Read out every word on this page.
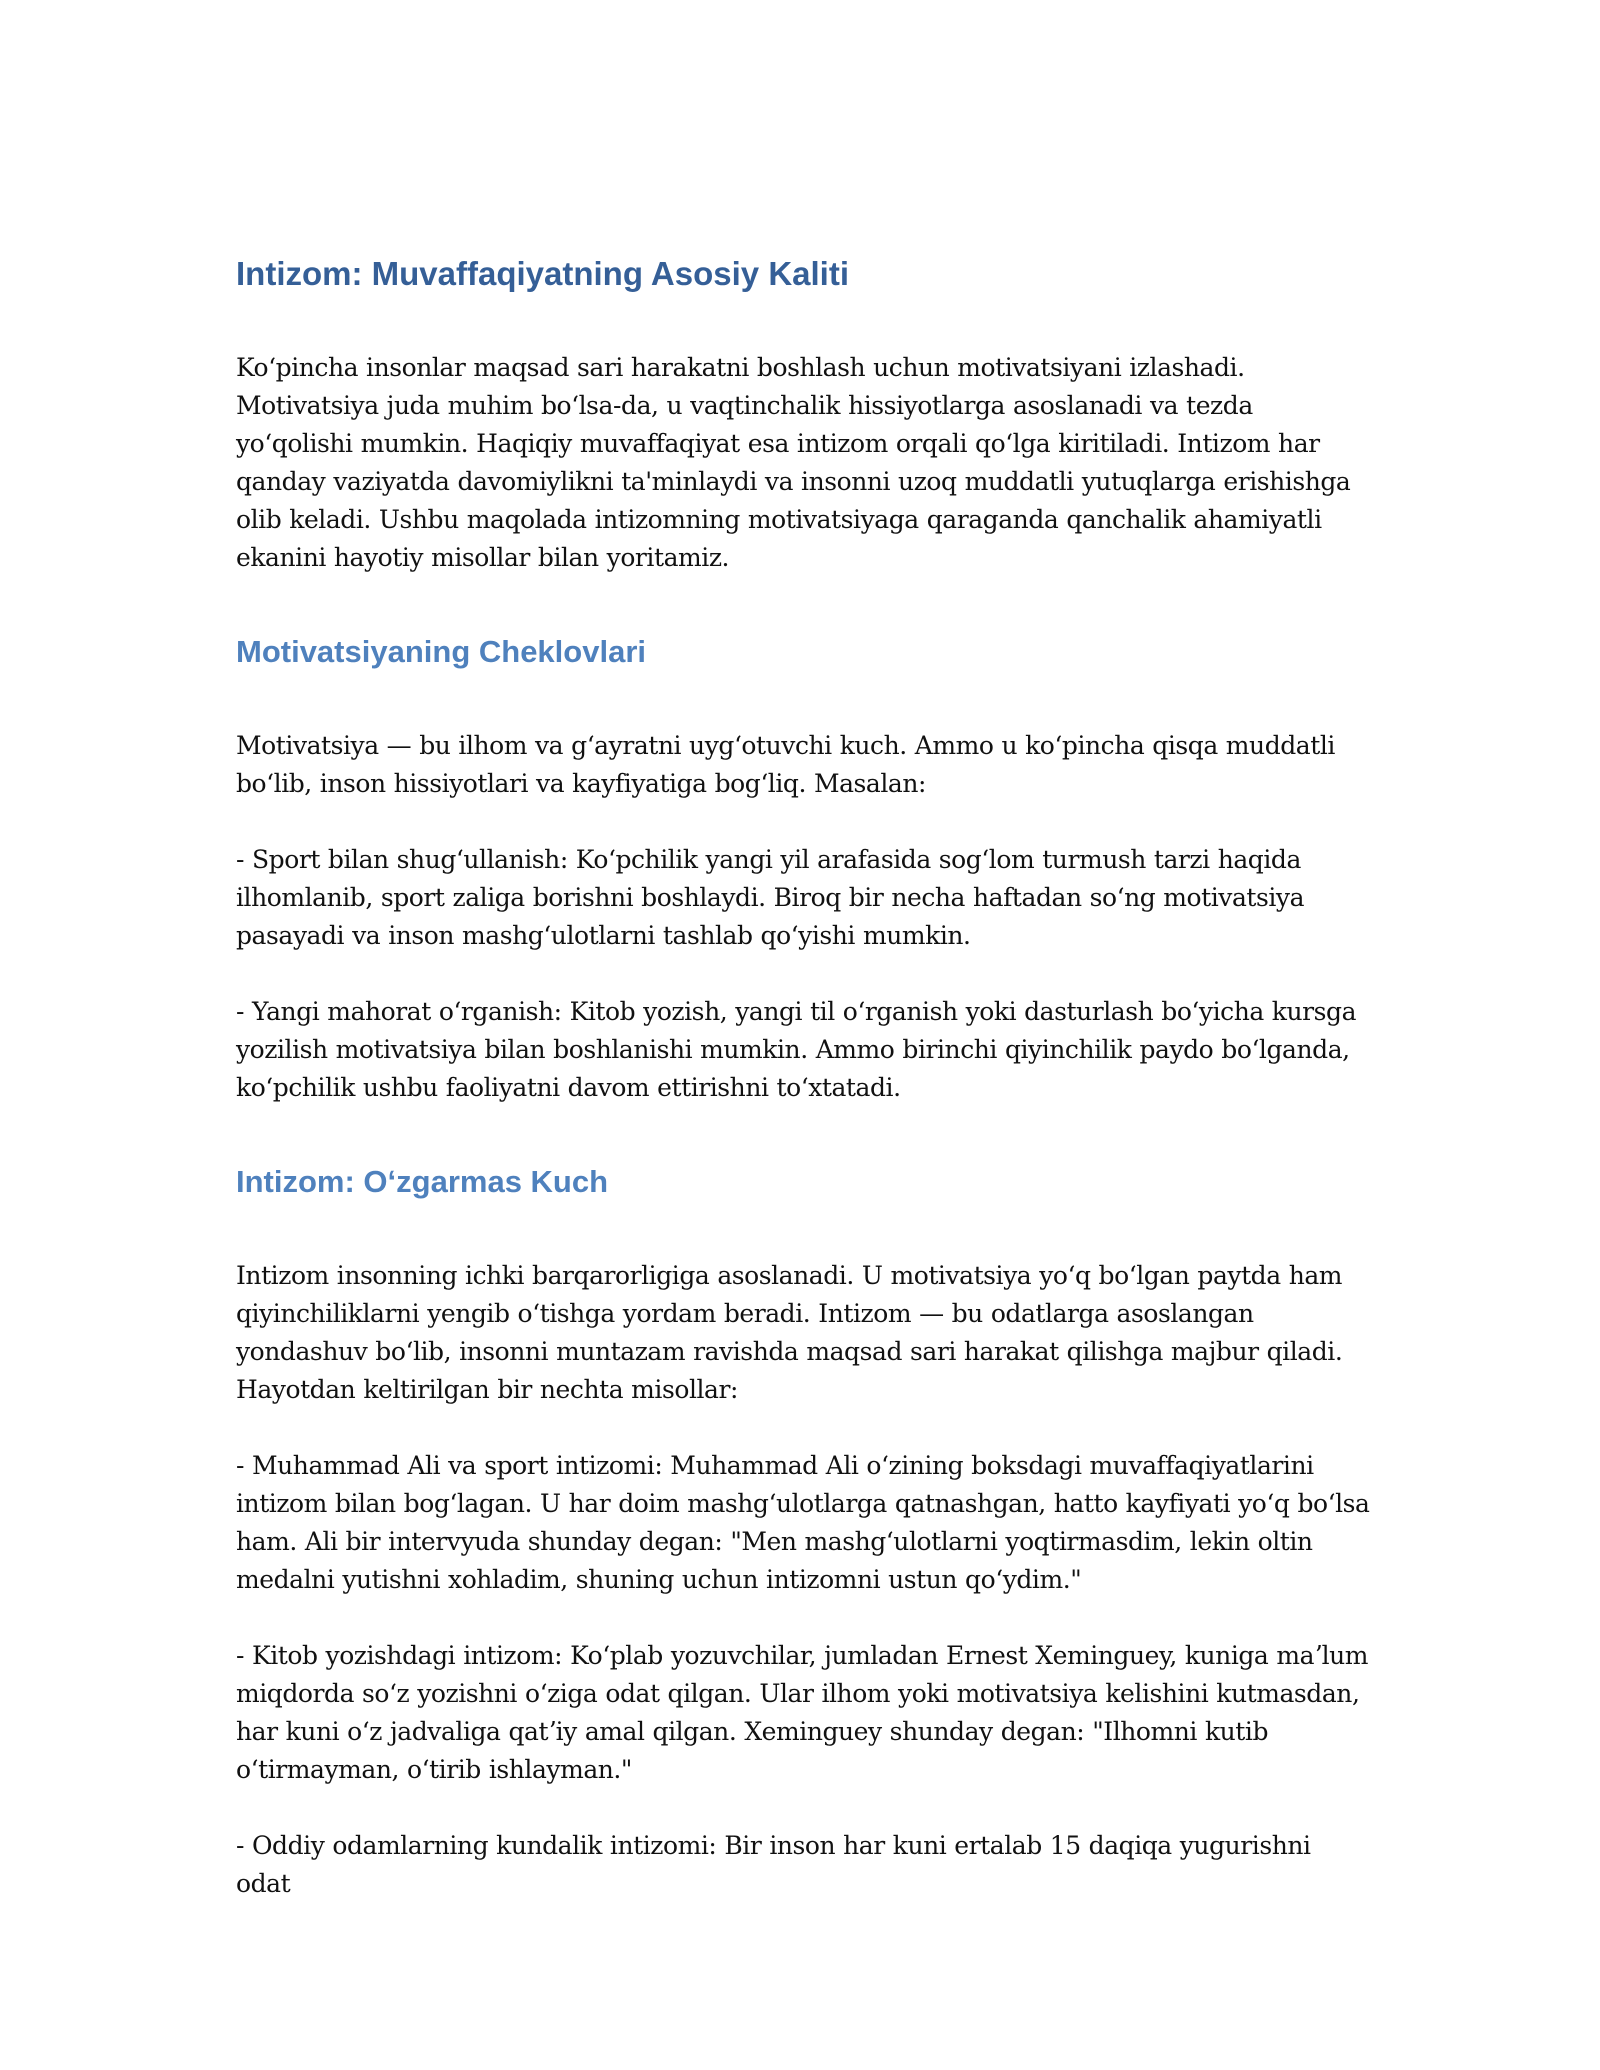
Intizom: Muvaffaqiyatning Asosiy Kaliti

Koʻpincha insonlar maqsad sari harakatni boshlash uchun motivatsiyani izlashadi. Motivatsiya juda muhim boʻlsa-da, u vaqtinchalik hissiyotlarga asoslanadi va tezda yoʻqolishi mumkin. Haqiqiy muvaffaqiyat esa intizom orqali qoʻlga kiritiladi. Intizom har qanday vaziyatda davomiylikni ta'minlaydi va insonni uzoq muddatli yutuqlarga erishishga olib keladi. Ushbu maqolada intizomning motivatsiyaga qaraganda qanchalik ahamiyatli ekanini hayotiy misollar bilan yoritamiz.

Motivatsiyaning Cheklovlari

Motivatsiya — bu ilhom va gʻayratni uygʻotuvchi kuch. Ammo u koʻpincha qisqa muddatli boʻlib, inson hissiyotlari va kayfiyatiga bogʻliq. Masalan:

- Sport bilan shugʻullanish: Koʻpchilik yangi yil arafasida sogʻlom turmush tarzi haqida ilhomlanib, sport zaliga borishni boshlaydi. Biroq bir necha haftadan soʻng motivatsiya pasayadi va inson mashgʻulotlarni tashlab qoʻyishi mumkin.

- Yangi mahorat oʻrganish: Kitob yozish, yangi til oʻrganish yoki dasturlash boʻyicha kursga yozilish motivatsiya bilan boshlanishi mumkin. Ammo birinchi qiyinchilik paydo boʻlganda, koʻpchilik ushbu faoliyatni davom ettirishni toʻxtatadi.

Intizom: Oʻzgarmas Kuch

Intizom insonning ichki barqarorligiga asoslanadi. U motivatsiya yoʻq boʻlgan paytda ham qiyinchiliklarni yengib oʻtishga yordam beradi. Intizom — bu odatlarga asoslangan yondashuv boʻlib, insonni muntazam ravishda maqsad sari harakat qilishga majbur qiladi. Hayotdan keltirilgan bir nechta misollar:

- Muhammad Ali va sport intizomi: Muhammad Ali oʻzining boksdagi muvaffaqiyatlarini intizom bilan bogʻlagan. U har doim mashgʻulotlarga qatnashgan, hatto kayfiyati yoʻq boʻlsa ham. Ali bir intervyuda shunday degan: "Men mashgʻulotlarni yoqtirmasdim, lekin oltin medalni yutishni xohladim, shuning uchun intizomni ustun qoʻydim."

- Kitob yozishdagi intizom: Koʻplab yozuvchilar, jumladan Ernest Xeminguey, kuniga maʼlum miqdorda soʻz yozishni oʻziga odat qilgan. Ular ilhom yoki motivatsiya kelishini kutmasdan, har kuni oʻz jadvaliga qatʼiy amal qilgan. Xeminguey shunday degan: "Ilhomni kutib oʻtirmayman, oʻtirib ishlayman."

- Oddiy odamlarning kundalik intizomi: Bir inson har kuni ertalab 15 daqiqa yugurishni odat
